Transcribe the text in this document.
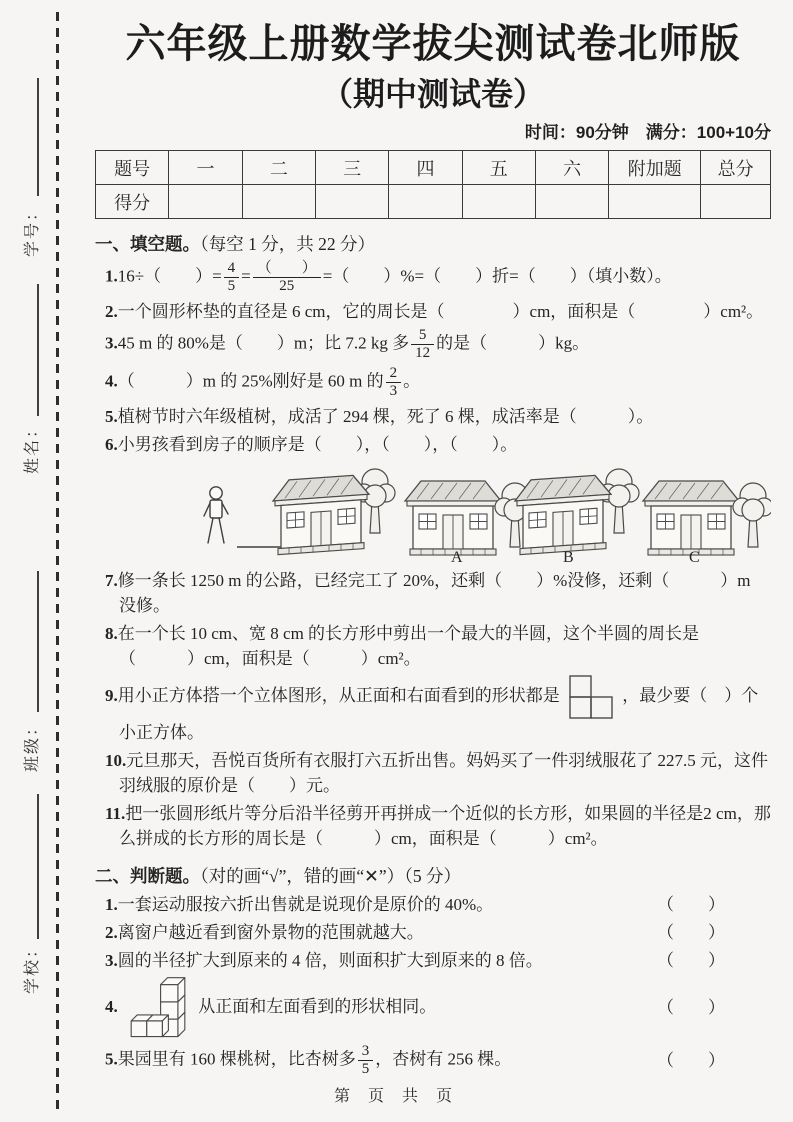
学号：
姓名：
班级：
学校：
六年级上册数学拔尖测试卷北师版
（期中测试卷）
时间：90分钟　满分：100+10分
题号	一	二	三	四	五	六	附加题	总分
得分								
一、填空题。（每空 1 分，共 22 分）
1.16÷（　　）= $\frac{4}{5} = \frac{( )}{25}$ =（　　）%=（　　）折=（　　）（填小数）。
2.一个圆形杯垫的直径是 6 cm，它的周长是（　　　　）cm，面积是（　　　　）cm²。
3.45 m 的 80%是（　　）m；比 7.2 kg 多 $\frac{5}{12}$ 的是（　　　）kg。
4.（　　　）m 的 25%刚好是 60 m 的 $\frac{2}{3}$ 。
5.植树节时六年级植树，成活了 294 棵，死了 6 棵，成活率是（　　　）。
6.小男孩看到房子的顺序是（　　），（　　），（　　）。
A	B	C
7.修一条长 1250 m 的公路，已经完工了 20%，还剩（　　）%没修，还剩（　　　）m 没修。
8.在一个长 10 cm、宽 8 cm 的长方形中剪出一个最大的半圆，这个半圆的周长是（　　　）cm，面积是（　　　）cm²。
9.用小正方体搭一个立体图形，从正面和右面看到的形状都是	，最少要（　）个小正方体。
10.元旦那天，吾悦百货所有衣服打六五折出售。妈妈买了一件羽绒服花了 227.5 元，这件羽绒服的原价是（　　）元。
11.把一张圆形纸片等分后沿半径剪开再拼成一个近似的长方形，如果圆的半径是2 cm，那么拼成的长方形的周长是（　　　）cm，面积是（　　　）cm²。
二、判断题。（对的画“√”，错的画“✕”）（5 分）
1.一套运动服按六折出售就是说现价是原价的 40%。	（　　）
2.离窗户越近看到窗外景物的范围就越大。	（　　）
3.圆的半径扩大到原来的 4 倍，则面积扩大到原来的 8 倍。	（　　）
4.	从正面和左面看到的形状相同。	（　　）
5.果园里有 160 棵桃树，比杏树多 $\frac{3}{5}$ ，杏树有 256 棵。	（　　）
第 页 共 页
